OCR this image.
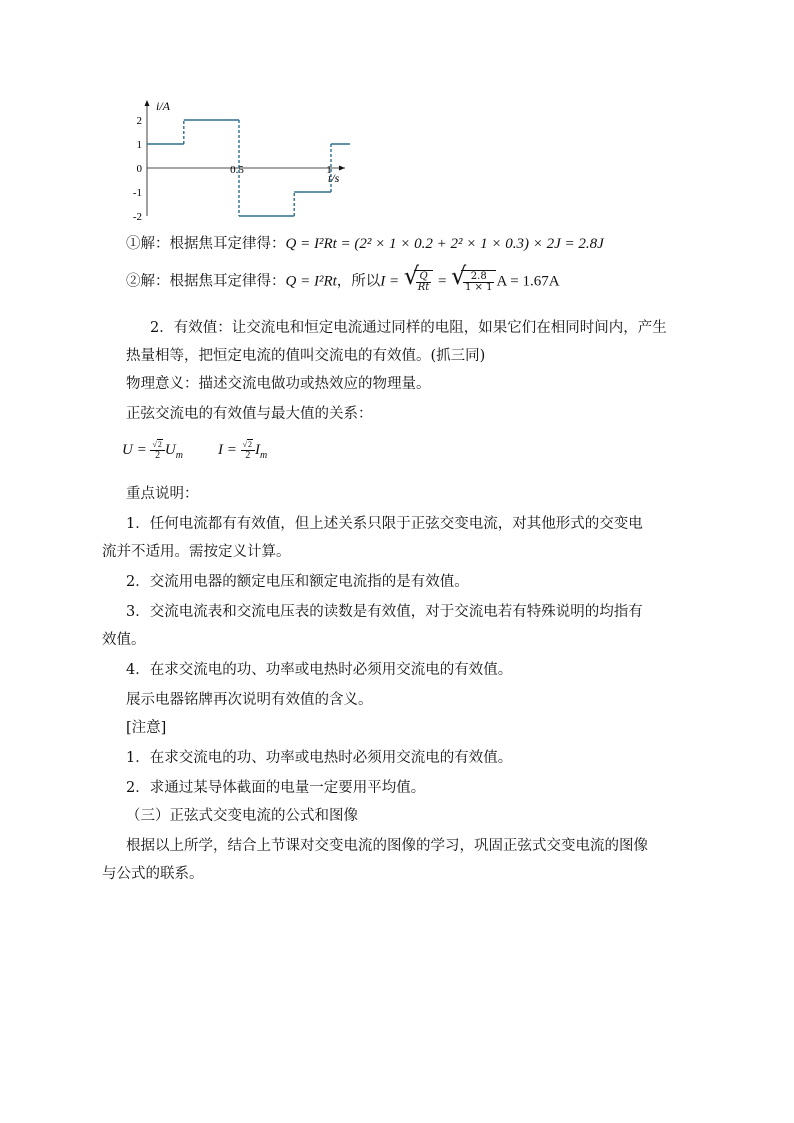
i/A
t/s
2
1
0
-1
-2
0.5	1
①解：根据焦耳定律得：Q = I²Rt = (2² × 1 × 0.2 + 2² × 1 × 0.3) × 2J = 2.8J
②解：根据焦耳定律得：Q = I²Rt，所以I = √
$\frac{Q}{Rt}$ = √
$\frac{2.8}{1 \times 1}$ A = 1.67A
2．有效值：让交流电和恒定电流通过同样的电阻，如果它们在相同时间内，产生
热量相等，把恒定电流的值叫交流电的有效值。(抓三同)
物理意义：描述交流电做功或热效应的物理量。
正弦交流电的有效值与最大值的关系：
$U = \frac{√2}{2} U_m$	$I = \frac{√2}{2} I_m$
重点说明：
1．任何电流都有有效值，但上述关系只限于正弦交变电流，对其他形式的交变电
流并不适用。需按定义计算。
2．交流用电器的额定电压和额定电流指的是有效值。
3．交流电流表和交流电压表的读数是有效值，对于交流电若有特殊说明的均指有
效值。
4．在求交流电的功、功率或电热时必须用交流电的有效值。
展示电器铭牌再次说明有效值的含义。
[注意]
1．在求交流电的功、功率或电热时必须用交流电的有效值。
2．求通过某导体截面的电量一定要用平均值。
（三）正弦式交变电流的公式和图像
根据以上所学，结合上节课对交变电流的图像的学习，巩固正弦式交变电流的图像
与公式的联系。
